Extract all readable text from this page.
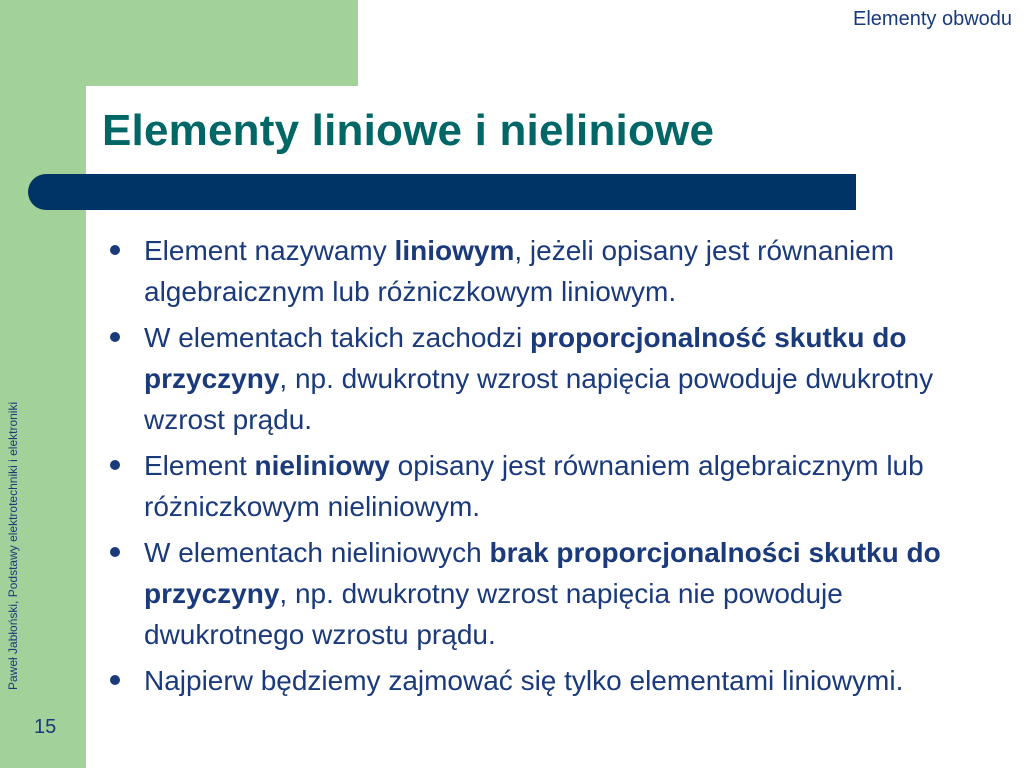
Elementy obwodu
Elementy liniowe i nieliniowe
Paweł Jabłoński, Podstawy elektrotechniki i elektroniki
15
Element nazywamy liniowym, jeżeli opisany jest równaniem algebraicznym lub różniczkowym liniowym.
W elementach takich zachodzi proporcjonalność skutku do przyczyny, np. dwukrotny wzrost napięcia powoduje dwukrotny wzrost prądu.
Element nieliniowy opisany jest równaniem algebraicznym lub różniczkowym nieliniowym.
W elementach nieliniowych brak proporcjonalności skutku do przyczyny, np. dwukrotny wzrost napięcia nie powoduje dwukrotnego wzrostu prądu.
Najpierw będziemy zajmować się tylko elementami liniowymi.
